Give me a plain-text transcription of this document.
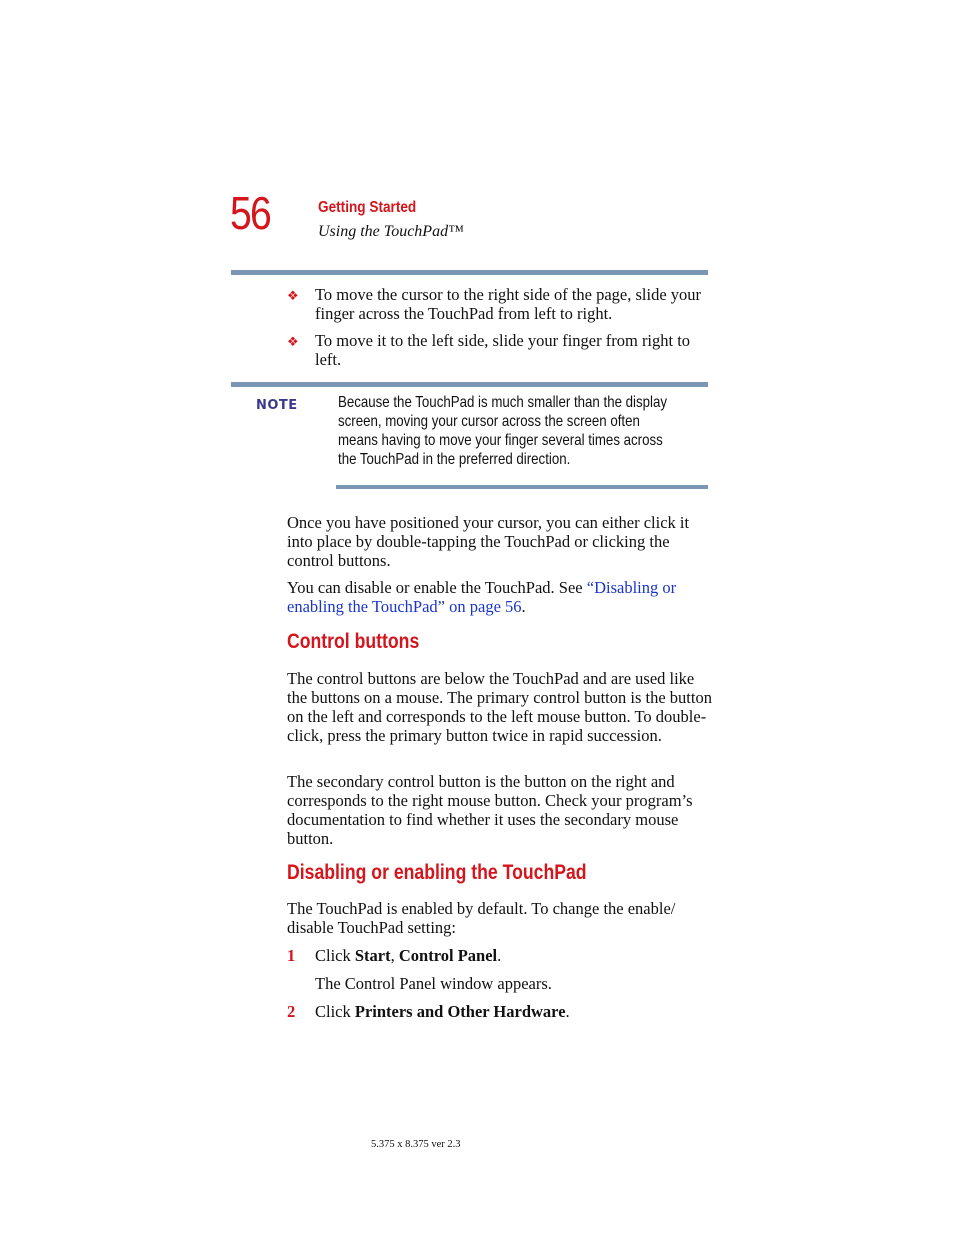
56	Getting Started
Using the TouchPad™
❖ To move the cursor to the right side of the page, slide your finger across the TouchPad from left to right.
❖ To move it to the left side, slide your finger from right to left.
NOTE	Because the TouchPad is much smaller than the display screen, moving your cursor across the screen often means having to move your finger several times across the TouchPad in the preferred direction.
Once you have positioned your cursor, you can either click it into place by double-tapping the TouchPad or clicking the control buttons.
You can disable or enable the TouchPad. See “Disabling or enabling the TouchPad” on page 56.
Control buttons
The control buttons are below the TouchPad and are used like the buttons on a mouse. The primary control button is the button on the left and corresponds to the left mouse button. To double-click, press the primary button twice in rapid succession.
The secondary control button is the button on the right and corresponds to the right mouse button. Check your program’s documentation to find whether it uses the secondary mouse button.
Disabling or enabling the TouchPad
The TouchPad is enabled by default. To change the enable/ disable TouchPad setting:
1 Click Start, Control Panel.
The Control Panel window appears.
2 Click Printers and Other Hardware.
5.375 x 8.375 ver 2.3
